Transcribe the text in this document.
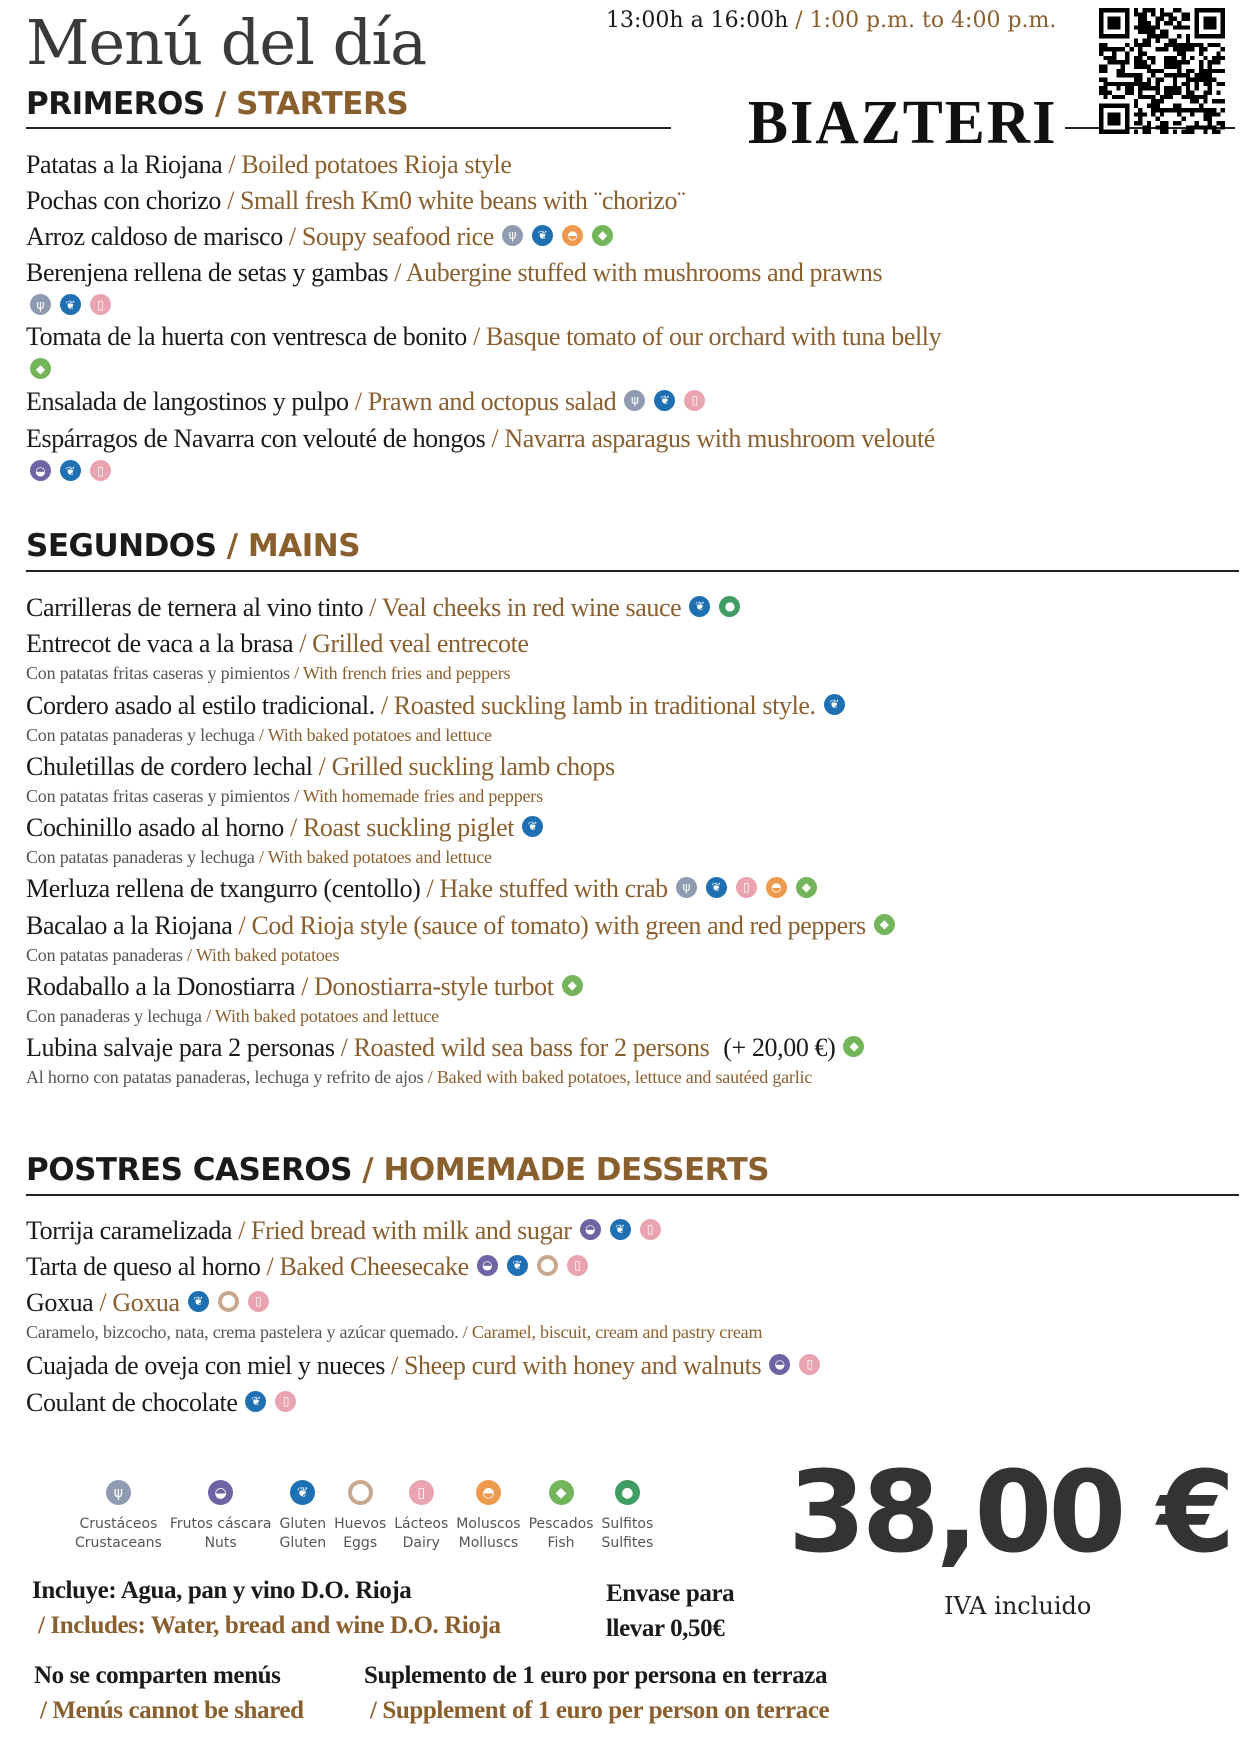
Menú del día	13:00h a 16:00h / 1:00 p.m. to 4:00 p.m.
BIAZTERI
PRIMEROS / STARTERS
Patatas a la Riojana / Boiled potatoes Rioja style
Pochas con chorizo / Small fresh Km0 white beans with ¨chorizo¨
Arroz caldoso de marisco / Soupy seafood rice	ψ	❦	◓	◆
Berenjena rellena de setas y gambas / Aubergine stuffed with mushrooms and prawns
ψ	❦	▯
Tomata de la huerta con ventresca de bonito / Basque tomato of our orchard with tuna belly
◆
Ensalada de langostinos y pulpo / Prawn and octopus salad	ψ	❦	▯
Espárragos de Navarra con velouté de hongos / Navarra asparagus with mushroom velouté
◒	❦	▯
SEGUNDOS / MAINS
Carrilleras de ternera al vino tinto / Veal cheeks in red wine sauce	❦	●
Entrecot de vaca a la brasa / Grilled veal entrecote
Con patatas fritas caseras y pimientos / With french fries and peppers
Cordero asado al estilo tradicional. / Roasted suckling lamb in traditional style.	❦
Con patatas panaderas y lechuga / With baked potatoes and lettuce
Chuletillas de cordero lechal / Grilled suckling lamb chops
Con patatas fritas caseras y pimientos / With homemade fries and peppers
Cochinillo asado al horno / Roast suckling piglet	❦
Con patatas panaderas y lechuga / With baked potatoes and lettuce
Merluza rellena de txangurro (centollo) / Hake stuffed with crab	ψ	❦	▯	◓	◆
Bacalao a la Riojana / Cod Rioja style (sauce of tomato) with green and red peppers	◆
Con patatas panaderas / With baked potatoes
Rodaballo a la Donostiarra / Donostiarra-style turbot	◆
Con panaderas y lechuga / With baked potatoes and lettuce
Lubina salvaje para 2 personas / Roasted wild sea bass for 2 persons (+ 20,00 €)	◆
Al horno con patatas panaderas, lechuga y refrito de ajos / Baked with baked potatoes, lettuce and sautéed garlic
POSTRES CASEROS / HOMEMADE DESSERTS
Torrija caramelizada / Fried bread with milk and sugar	◒	❦	▯
Tarta de queso al horno / Baked Cheesecake	◒	❦	▯
Goxua / Goxua	❦	▯
Caramelo, bizcocho, nata, crema pastelera y azúcar quemado. / Caramel, biscuit, cream and pastry cream
Cuajada de oveja con miel y nueces / Sheep curd with honey and walnuts	◒	▯
Coulant de chocolate	❦	▯
ψ
Crustáceos
Crustaceans
◒
Frutos cáscara
Nuts
❦
Gluten
Gluten
Huevos
Eggs
▯
Lácteos
Dairy
◓
Moluscos
Molluscs
◆
Pescados
Fish
●
Sulfitos
Sulfites 38,00 €
IVA incluido
Incluye: Agua, pan y vino D.O. Rioja
/ Includes: Water, bread and wine D.O. Rioja
Envase para
llevar 0,50€
No se comparten menús
/ Menús cannot be shared
Suplemento de 1 euro por persona en terraza
/ Supplement of 1 euro per person on terrace
